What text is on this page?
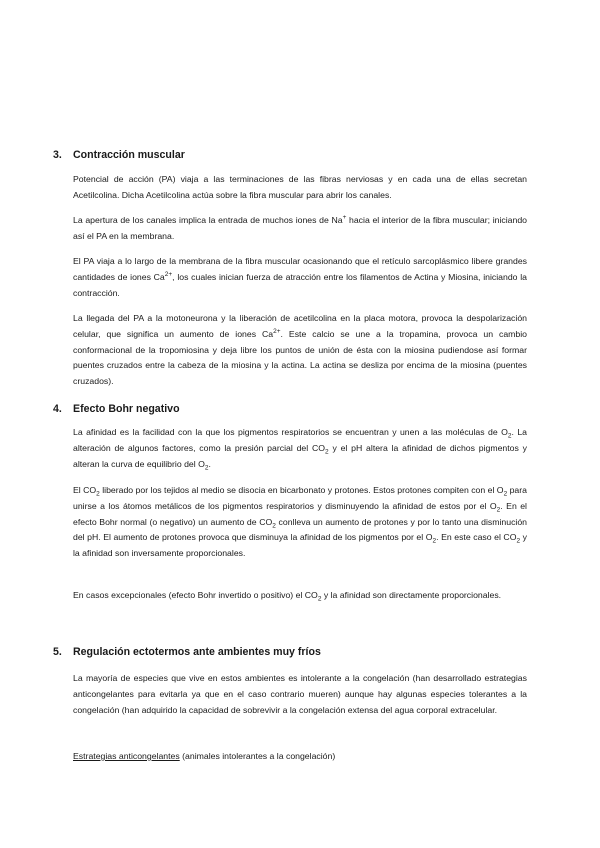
3.	Contracción muscular

Potencial de acción (PA) viaja a las terminaciones de las fibras nerviosas y en cada una de ellas secretan Acetilcolina. Dicha Acetilcolina actúa sobre la fibra muscular para abrir los canales.

La apertura de los canales implica la entrada de muchos iones de Na+ hacia el interior de la fibra muscular; iniciando así el PA en la membrana.

El PA viaja a lo largo de la membrana de la fibra muscular ocasionando que el retículo sarcoplásmico libere grandes cantidades de iones $Ca^{2+}$, los cuales inician fuerza de atracción entre los filamentos de Actina y Miosina, iniciando la contracción.

La llegada del PA a la motoneurona y la liberación de acetilcolina en la placa motora, provoca la despolarización celular, que significa un aumento de iones $Ca^{2+}$. Este calcio se une a la tropamina, provoca un cambio conformacional de la tropomiosina y deja libre los puntos de unión de ésta con la miosina pudiendose así formar puentes cruzados entre la cabeza de la miosina y la actina. La actina se desliza por encima de la miosina (puentes cruzados).

4.	Efecto Bohr negativo

La afinidad es la facilidad con la que los pigmentos respiratorios se encuentran y unen a las moléculas de $O_2$. La alteración de algunos factores, como la presión parcial del $CO_2$ y el pH altera la afinidad de dichos pigmentos y alteran la curva de equilibrio del $O_2$.

El $CO_2$ liberado por los tejidos al medio se disocia en bicarbonato y protones. Estos protones compiten con el $O_2$ para unirse a los átomos metálicos de los pigmentos respiratorios y disminuyendo la afinidad de estos por el $O_2$. En el efecto Bohr normal (o negativo) un aumento de $CO_2$ conlleva un aumento de protones y por lo tanto una disminución del pH. El aumento de protones provoca que disminuya la afinidad de los pigmentos por el $O_2$. En este caso el $CO_2$ y la afinidad son inversamente proporcionales.

En casos excepcionales (efecto Bohr invertido o positivo) el $CO_2$ y la afinidad son directamente proporcionales.

5.	Regulación ectotermos ante ambientes muy fríos

La mayoría de especies que vive en estos ambientes es intolerante a la congelación (han desarrollado estrategias anticongelantes para evitarla ya que en el caso contrario mueren) aunque hay algunas especies tolerantes a la congelación (han adquirido la capacidad de sobrevivir a la congelación extensa del agua corporal extracelular.

Estrategias anticongelantes (animales intolerantes a la congelación)
